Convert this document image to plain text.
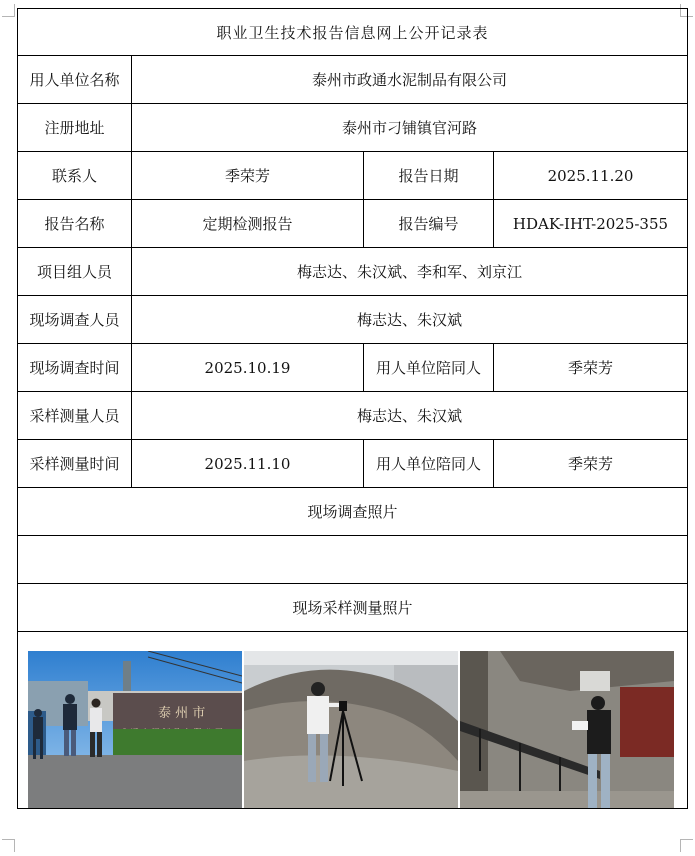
职业卫生技术报告信息网上公开记录表			
用人单位名称	泰州市政通水泥制品有限公司		
注册地址	泰州市刁铺镇官河路		
联系人	季荣芳	报告日期	2025.11.20
报告名称	定期检测报告	报告编号	HDAK-IHT-2025-355
项目组人员	梅志达、朱汉斌、李和军、刘京江		
现场调查人员	梅志达、朱汉斌		
现场调查时间	2025.10.19	用人单位陪同人	季荣芳
采样测量人员	梅志达、朱汉斌		
采样测量时间	2025.11.10	用人单位陪同人	季荣芳
现场调查照片			

现场采样测量照片			

泰 州 市			
